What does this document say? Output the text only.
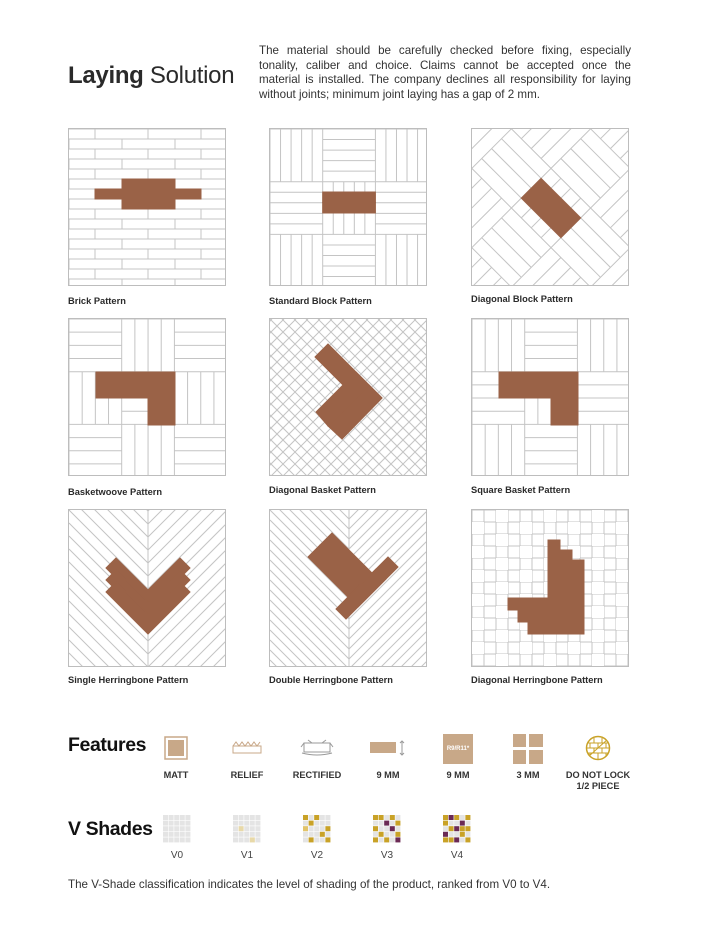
Laying Solution
The material should be carefully checked before fixing, especially tonality, caliber and choice. Claims cannot be accepted once the material is installed. The company declines all responsibility for laying without joints; minimum joint laying has a gap of 2 mm.
Brick Pattern	Standard Block Pattern	Diagonal Block Pattern
Basketwoove Pattern	Diagonal Basket Pattern	Square Basket Pattern
Single Herringbone Pattern	Double Herringbone Pattern	Diagonal Herringbone Pattern
Features	R9/R11*
MATT	RELIEF	RECTIFIED	9 MM	9 MM	3 MM	DO NOT LOCK
1/2 PIECE
V Shades
V0	V1	V2	V3	V4
The V-Shade classification indicates the level of shading of the product, ranked from V0 to V4.
